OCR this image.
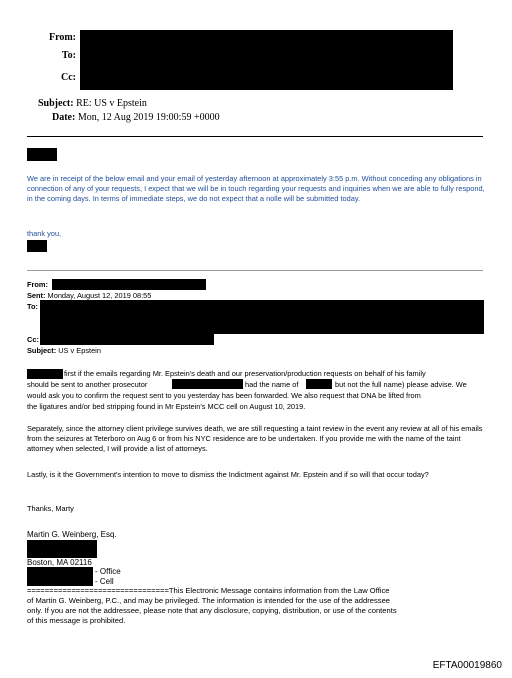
From:
To:
Cc:
Subject: RE: US v Epstein
Date: Mon, 12 Aug 2019 19:00:59 +0000
We are in receipt of the below email and your email of yesterday afternoon at approximately 3:55 p.m. Without conceding any obligations in connection of any of your requests, I expect that we will be in touch regarding your requests and inquiries when we are able to fully respond, in the coming days. In terms of immediate steps, we do not expect that a nolle will be submitted today.
thank you,
From:
Sent: Monday, August 12, 2019 08:55
To:
Cc:
Subject: US v Epstein
first if the emails regarding Mr. Epstein's death and our preservation/production requests on behalf of his family
should be sent to another prosecutor	had the name of	but not the full name) please advise. We
would ask you to confirm the request sent to you yesterday has been forwarded. We also request that DNA be lifted from
the ligatures and/or bed stripping found in Mr Epstein's MCC cell on August 10, 2019.
Separately, since the attorney client privilege survives death, we are still requesting a taint review in the event any review at all of his emails from the seizures at Teterboro on Aug 6 or from his NYC residence are to be undertaken. If you provide me with the name of the taint attorney when selected, I will provide a list of attorneys.
Lastly, is it the Government's intention to move to dismiss the Indictment against Mr. Epstein and if so will that occur today?
Thanks, Marty
Martin G. Weinberg, Esq.
Boston, MA 02116
- Office
- Cell
================================This Electronic Message contains information from the Law Office
of Martin G. Weinberg, P.C., and may be privileged. The information is intended for the use of the addressee
only. If you are not the addressee, please note that any disclosure, copying, distribution, or use of the contents
of this message is prohibited.
EFTA00019860
